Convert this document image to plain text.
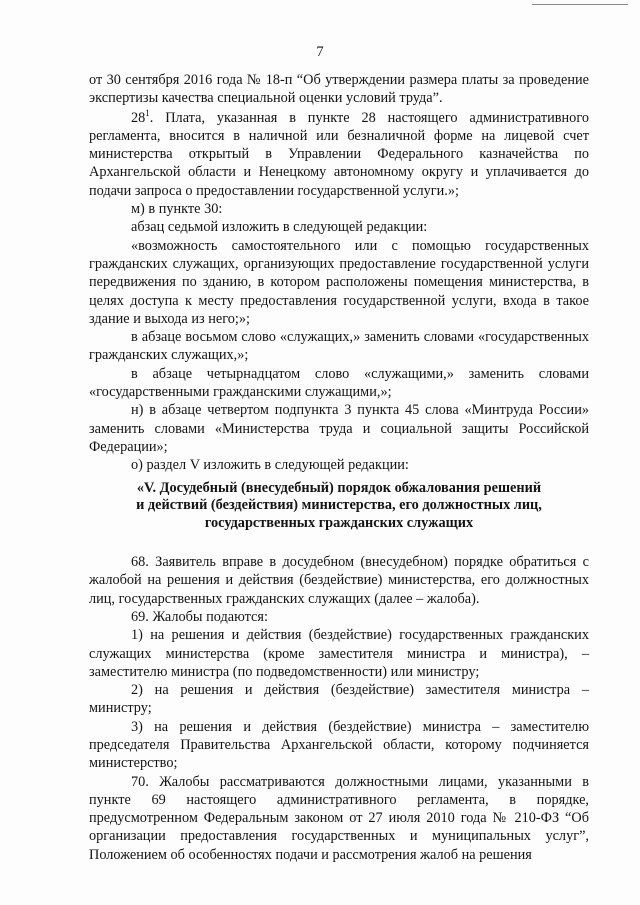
7

от 30 сентября 2016 года № 18-п “Об утверждении размера платы за проведение экспертизы качества специальной оценки условий труда”.

$28^1$. Плата, указанная в пункте 28 настоящего административного регламента, вносится в наличной или безналичной форме на лицевой счет министерства открытый в Управлении Федерального казначейства по Архангельской области и Ненецкому автономному округу и уплачивается до подачи запроса о предоставлении государственной услуги.»;

м) в пункте 30:

абзац седьмой изложить в следующей редакции:

«возможность самостоятельного или с помощью государственных гражданских служащих, организующих предоставление государственной услуги передвижения по зданию, в котором расположены помещения министерства, в целях доступа к месту предоставления государственной услуги, входа в такое здание и выхода из него;»;

в абзаце восьмом слово «служащих,» заменить словами «государственных гражданских служащих,»;

в абзаце четырнадцатом слово «служащими,» заменить словами «государственными гражданскими служащими,»;

н) в абзаце четвертом подпункта 3 пункта 45 слова «Минтруда России» заменить словами «Министерства труда и социальной защиты Российской Федерации»;

о) раздел V изложить в следующей редакции:

«V. Досудебный (внесудебный) порядок обжалования решений
и действий (бездействия) министерства, его должностных лиц,
государственных гражданских служащих

68. Заявитель вправе в досудебном (внесудебном) порядке обратиться с жалобой на решения и действия (бездействие) министерства, его должностных лиц, государственных гражданских служащих (далее – жалоба).

69. Жалобы подаются:

1) на решения и действия (бездействие) государственных гражданских служащих министерства (кроме заместителя министра и министра), – заместителю министра (по подведомственности) или министру;

2) на решения и действия (бездействие) заместителя министра – министру;

3) на решения и действия (бездействие) министра – заместителю председателя Правительства Архангельской области, которому подчиняется министерство;

70. Жалобы рассматриваются должностными лицами, указанными в пункте 69 настоящего административного регламента, в порядке, предусмотренном Федеральным законом от 27 июля 2010 года № 210-ФЗ “Об организации предоставления государственных и муниципальных услуг”, Положением об особенностях подачи и рассмотрения жалоб на решения
